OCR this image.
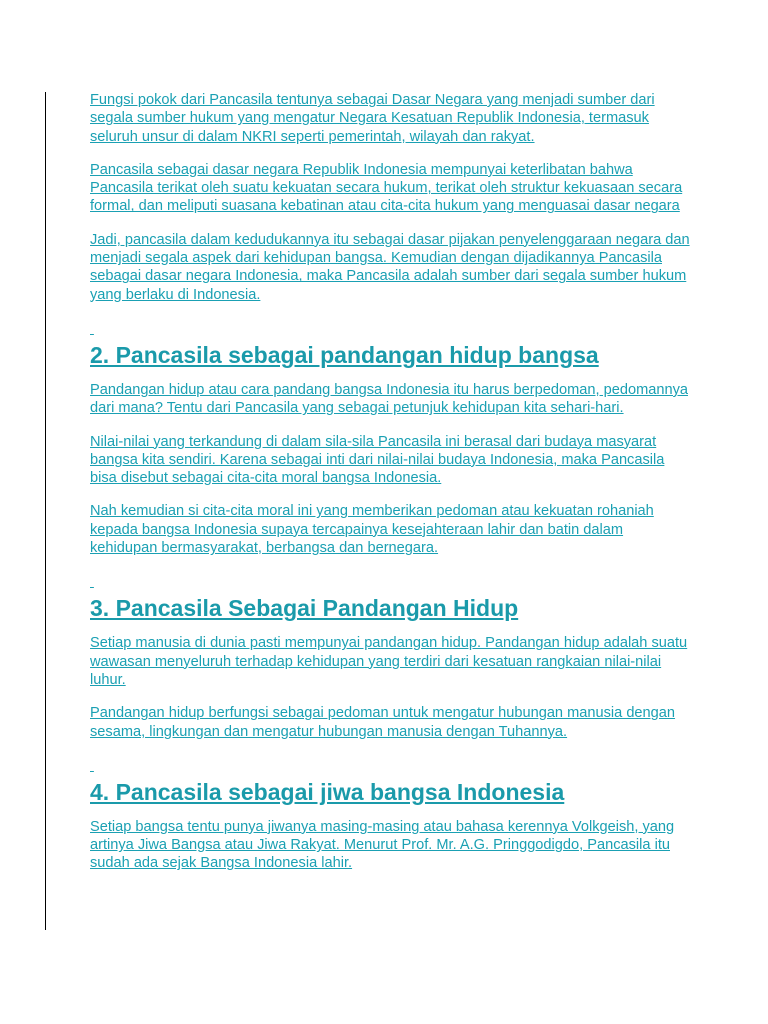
Fungsi pokok dari Pancasila tentunya sebagai Dasar Negara yang menjadi sumber dari segala sumber hukum yang mengatur Negara Kesatuan Republik Indonesia, termasuk seluruh unsur di dalam NKRI seperti pemerintah, wilayah dan rakyat.

Pancasila sebagai dasar negara Republik Indonesia mempunyai keterlibatan bahwa Pancasila terikat oleh suatu kekuatan secara hukum, terikat oleh struktur kekuasaan secara formal, dan meliputi suasana kebatinan atau cita-cita hukum yang menguasai dasar negara

Jadi, pancasila dalam kedudukannya itu sebagai dasar pijakan penyelenggaraan negara dan menjadi segala aspek dari kehidupan bangsa. Kemudian dengan dijadikannya Pancasila sebagai dasar negara Indonesia, maka Pancasila adalah sumber dari segala sumber hukum yang berlaku di Indonesia.

2. Pancasila sebagai pandangan hidup bangsa

Pandangan hidup atau cara pandang bangsa Indonesia itu harus berpedoman, pedomannya dari mana? Tentu dari Pancasila yang sebagai petunjuk kehidupan kita sehari-hari.

Nilai-nilai yang terkandung di dalam sila-sila Pancasila ini berasal dari budaya masyarat bangsa kita sendiri. Karena sebagai inti dari nilai-nilai budaya Indonesia, maka Pancasila bisa disebut sebagai cita-cita moral bangsa Indonesia.

Nah kemudian si cita-cita moral ini yang memberikan pedoman atau kekuatan rohaniah kepada bangsa Indonesia supaya tercapainya kesejahteraan lahir dan batin dalam kehidupan bermasyarakat, berbangsa dan bernegara.

3. Pancasila Sebagai Pandangan Hidup

Setiap manusia di dunia pasti mempunyai pandangan hidup. Pandangan hidup adalah suatu wawasan menyeluruh terhadap kehidupan yang terdiri dari kesatuan rangkaian nilai-nilai luhur.

Pandangan hidup berfungsi sebagai pedoman untuk mengatur hubungan manusia dengan sesama, lingkungan dan mengatur hubungan manusia dengan Tuhannya.

4. Pancasila sebagai jiwa bangsa Indonesia

Setiap bangsa tentu punya jiwanya masing-masing atau bahasa kerennya Volkgeish, yang artinya Jiwa Bangsa atau Jiwa Rakyat. Menurut Prof. Mr. A.G. Pringgodigdo, Pancasila itu sudah ada sejak Bangsa Indonesia lahir.
